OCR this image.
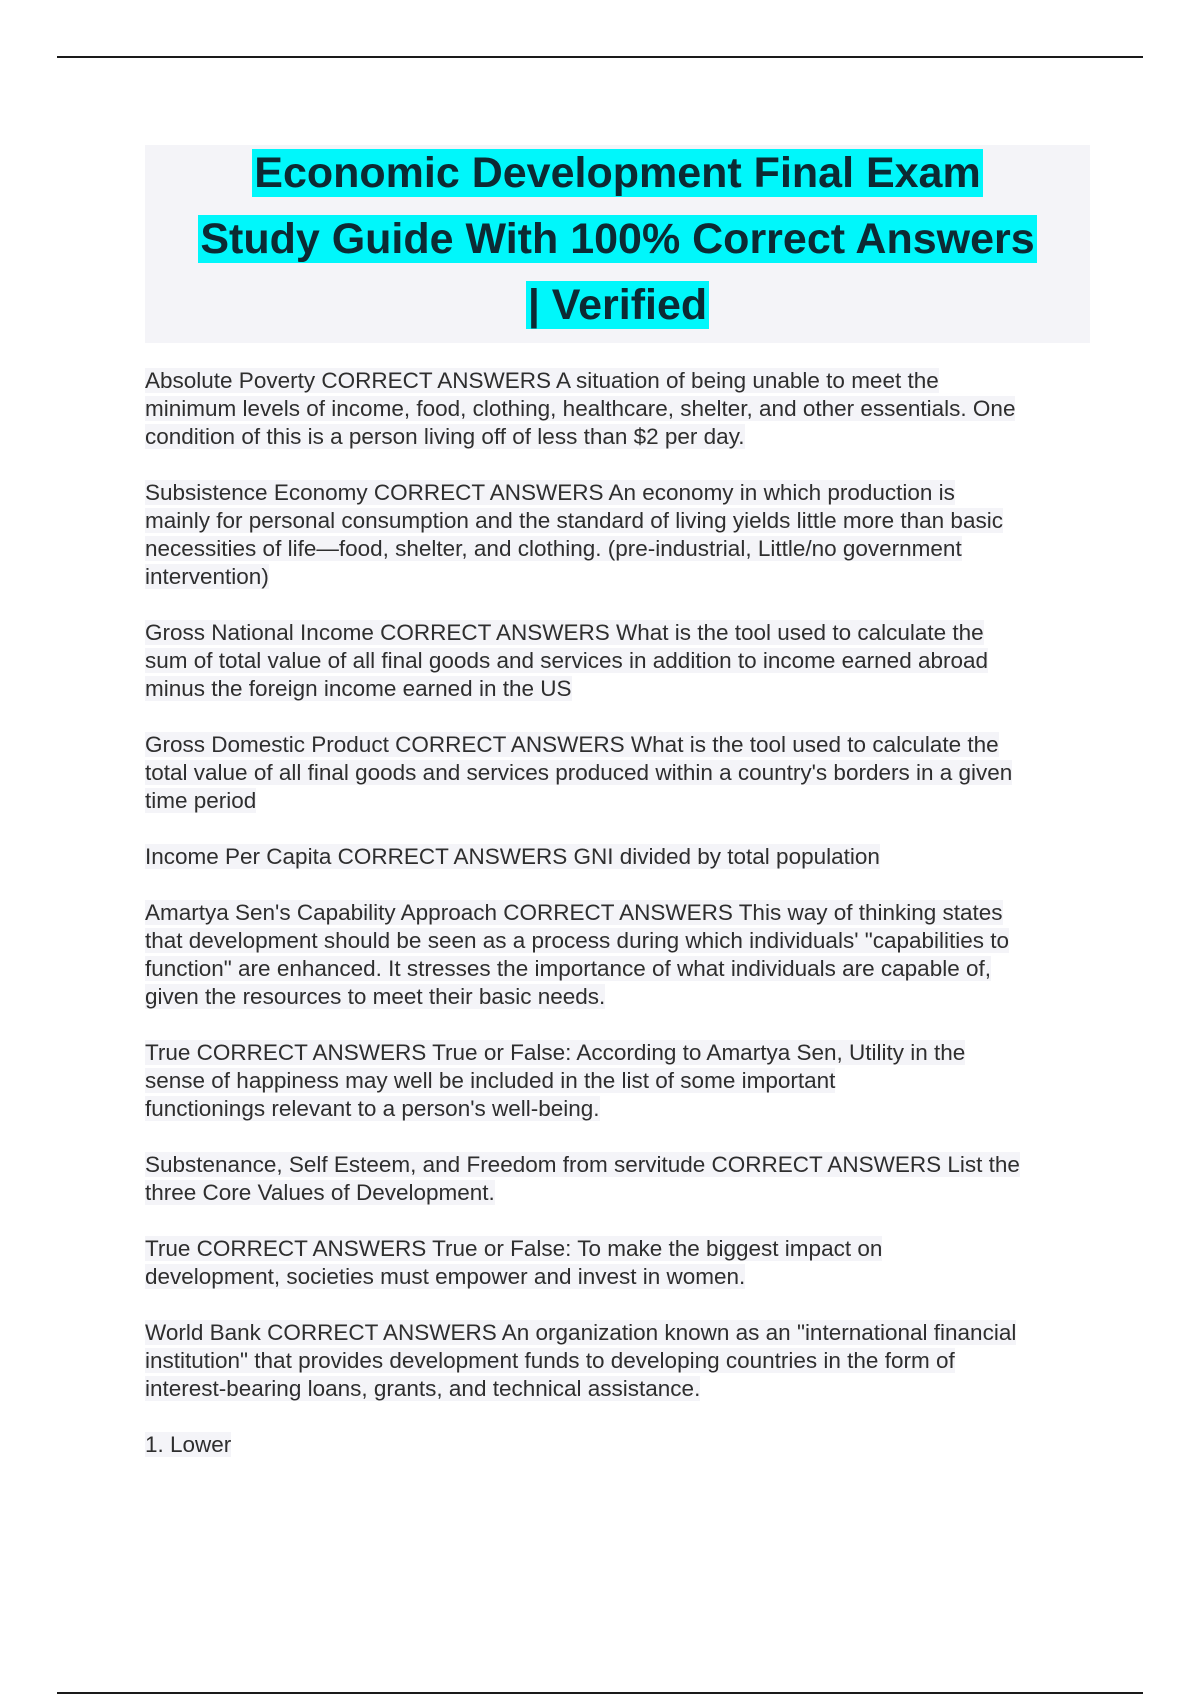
Economic Development Final Exam
Study Guide With 100% Correct Answers
| Verified
Absolute Poverty CORRECT ANSWERS A situation of being unable to meet the
minimum levels of income, food, clothing, healthcare, shelter, and other essentials. One
condition of this is a person living off of less than $2 per day.
Subsistence Economy CORRECT ANSWERS An economy in which production is
mainly for personal consumption and the standard of living yields little more than basic
necessities of life—food, shelter, and clothing. (pre-industrial, Little/no government
intervention)
Gross National Income CORRECT ANSWERS What is the tool used to calculate the
sum of total value of all final goods and services in addition to income earned abroad
minus the foreign income earned in the US
Gross Domestic Product CORRECT ANSWERS What is the tool used to calculate the
total value of all final goods and services produced within a country's borders in a given
time period
Income Per Capita CORRECT ANSWERS GNI divided by total population
Amartya Sen's Capability Approach CORRECT ANSWERS This way of thinking states
that development should be seen as a process during which individuals' "capabilities to
function" are enhanced. It stresses the importance of what individuals are capable of,
given the resources to meet their basic needs.
True CORRECT ANSWERS True or False: According to Amartya Sen, Utility in the
sense of happiness may well be included in the list of some important
functionings relevant to a person's well-being.
Substenance, Self Esteem, and Freedom from servitude CORRECT ANSWERS List the
three Core Values of Development.
True CORRECT ANSWERS True or False: To make the biggest impact on
development, societies must empower and invest in women.
World Bank CORRECT ANSWERS An organization known as an "international financial
institution" that provides development funds to developing countries in the form of
interest-bearing loans, grants, and technical assistance.
1. Lower
